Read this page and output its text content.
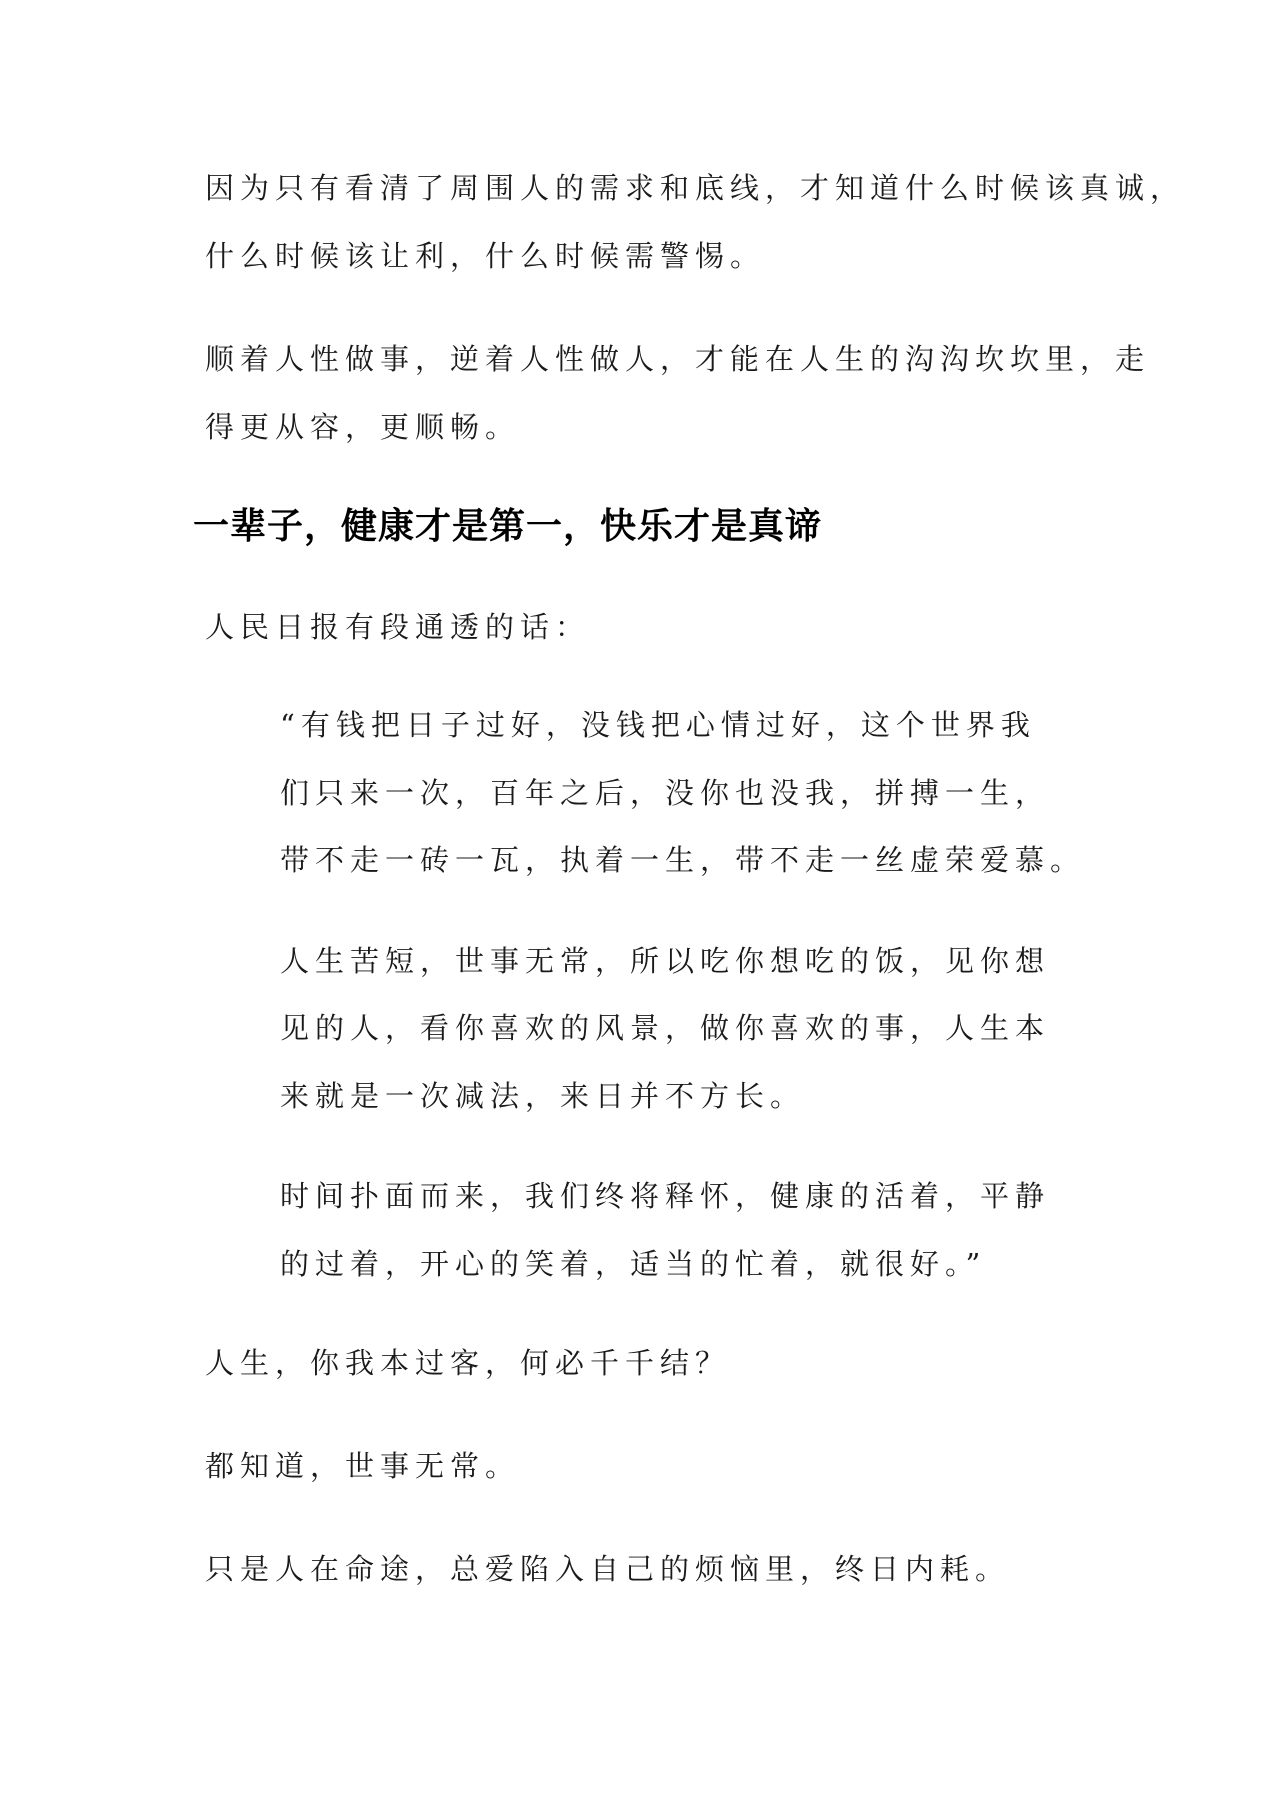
因为只有看清了周围人的需求和底线，才知道什么时候该真诚，
什么时候该让利，什么时候需警惕。
顺着人性做事，逆着人性做人，才能在人生的沟沟坎坎里，走
得更从容，更顺畅。
一辈子，健康才是第一，快乐才是真谛
人民日报有段通透的话：
“有钱把日子过好，没钱把心情过好，这个世界我
们只来一次，百年之后，没你也没我，拼搏一生，
带不走一砖一瓦，执着一生，带不走一丝虚荣爱慕。
人生苦短，世事无常，所以吃你想吃的饭，见你想
见的人，看你喜欢的风景，做你喜欢的事，人生本
来就是一次减法，来日并不方长。
时间扑面而来，我们终将释怀，健康的活着，平静
的过着，开心的笑着，适当的忙着，就很好。”
人生，你我本过客，何必千千结？
都知道，世事无常。
只是人在命途，总爱陷入自己的烦恼里，终日内耗。
